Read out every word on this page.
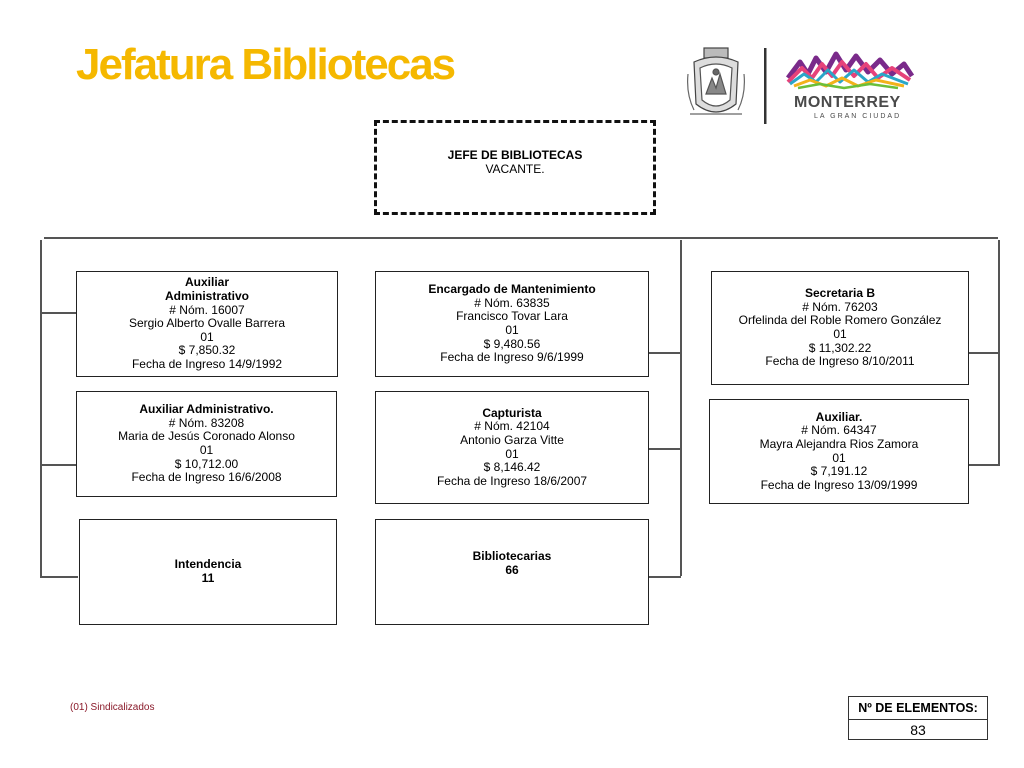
Jefatura Bibliotecas
MONTERREY
LA GRAN CIUDAD
JEFE DE BIBLIOTECAS
VACANTE.
Auxiliar
Administrativo
# Nóm. 16007
Sergio Alberto Ovalle Barrera
01
$ 7,850.32
Fecha de Ingreso 14/9/1992
Encargado de Mantenimiento
# Nóm. 63835
Francisco Tovar Lara
01
$ 9,480.56
Fecha de Ingreso 9/6/1999
Secretaria B
# Nóm. 76203
Orfelinda del Roble Romero González
01
$ 11,302.22
Fecha de Ingreso 8/10/2011
Auxiliar Administrativo.
# Nóm. 83208
Maria de Jesús Coronado Alonso
01
$ 10,712.00
Fecha de Ingreso 16/6/2008
Capturista
# Nóm. 42104
Antonio Garza Vitte
01
$ 8,146.42
Fecha de Ingreso 18/6/2007
Auxiliar.
# Nóm. 64347
Mayra Alejandra Rios Zamora
01
$ 7,191.12
Fecha de Ingreso 13/09/1999
Intendencia
11
Bibliotecarias
66
(01) Sindicalizados	Nº DE ELEMENTOS:
83
